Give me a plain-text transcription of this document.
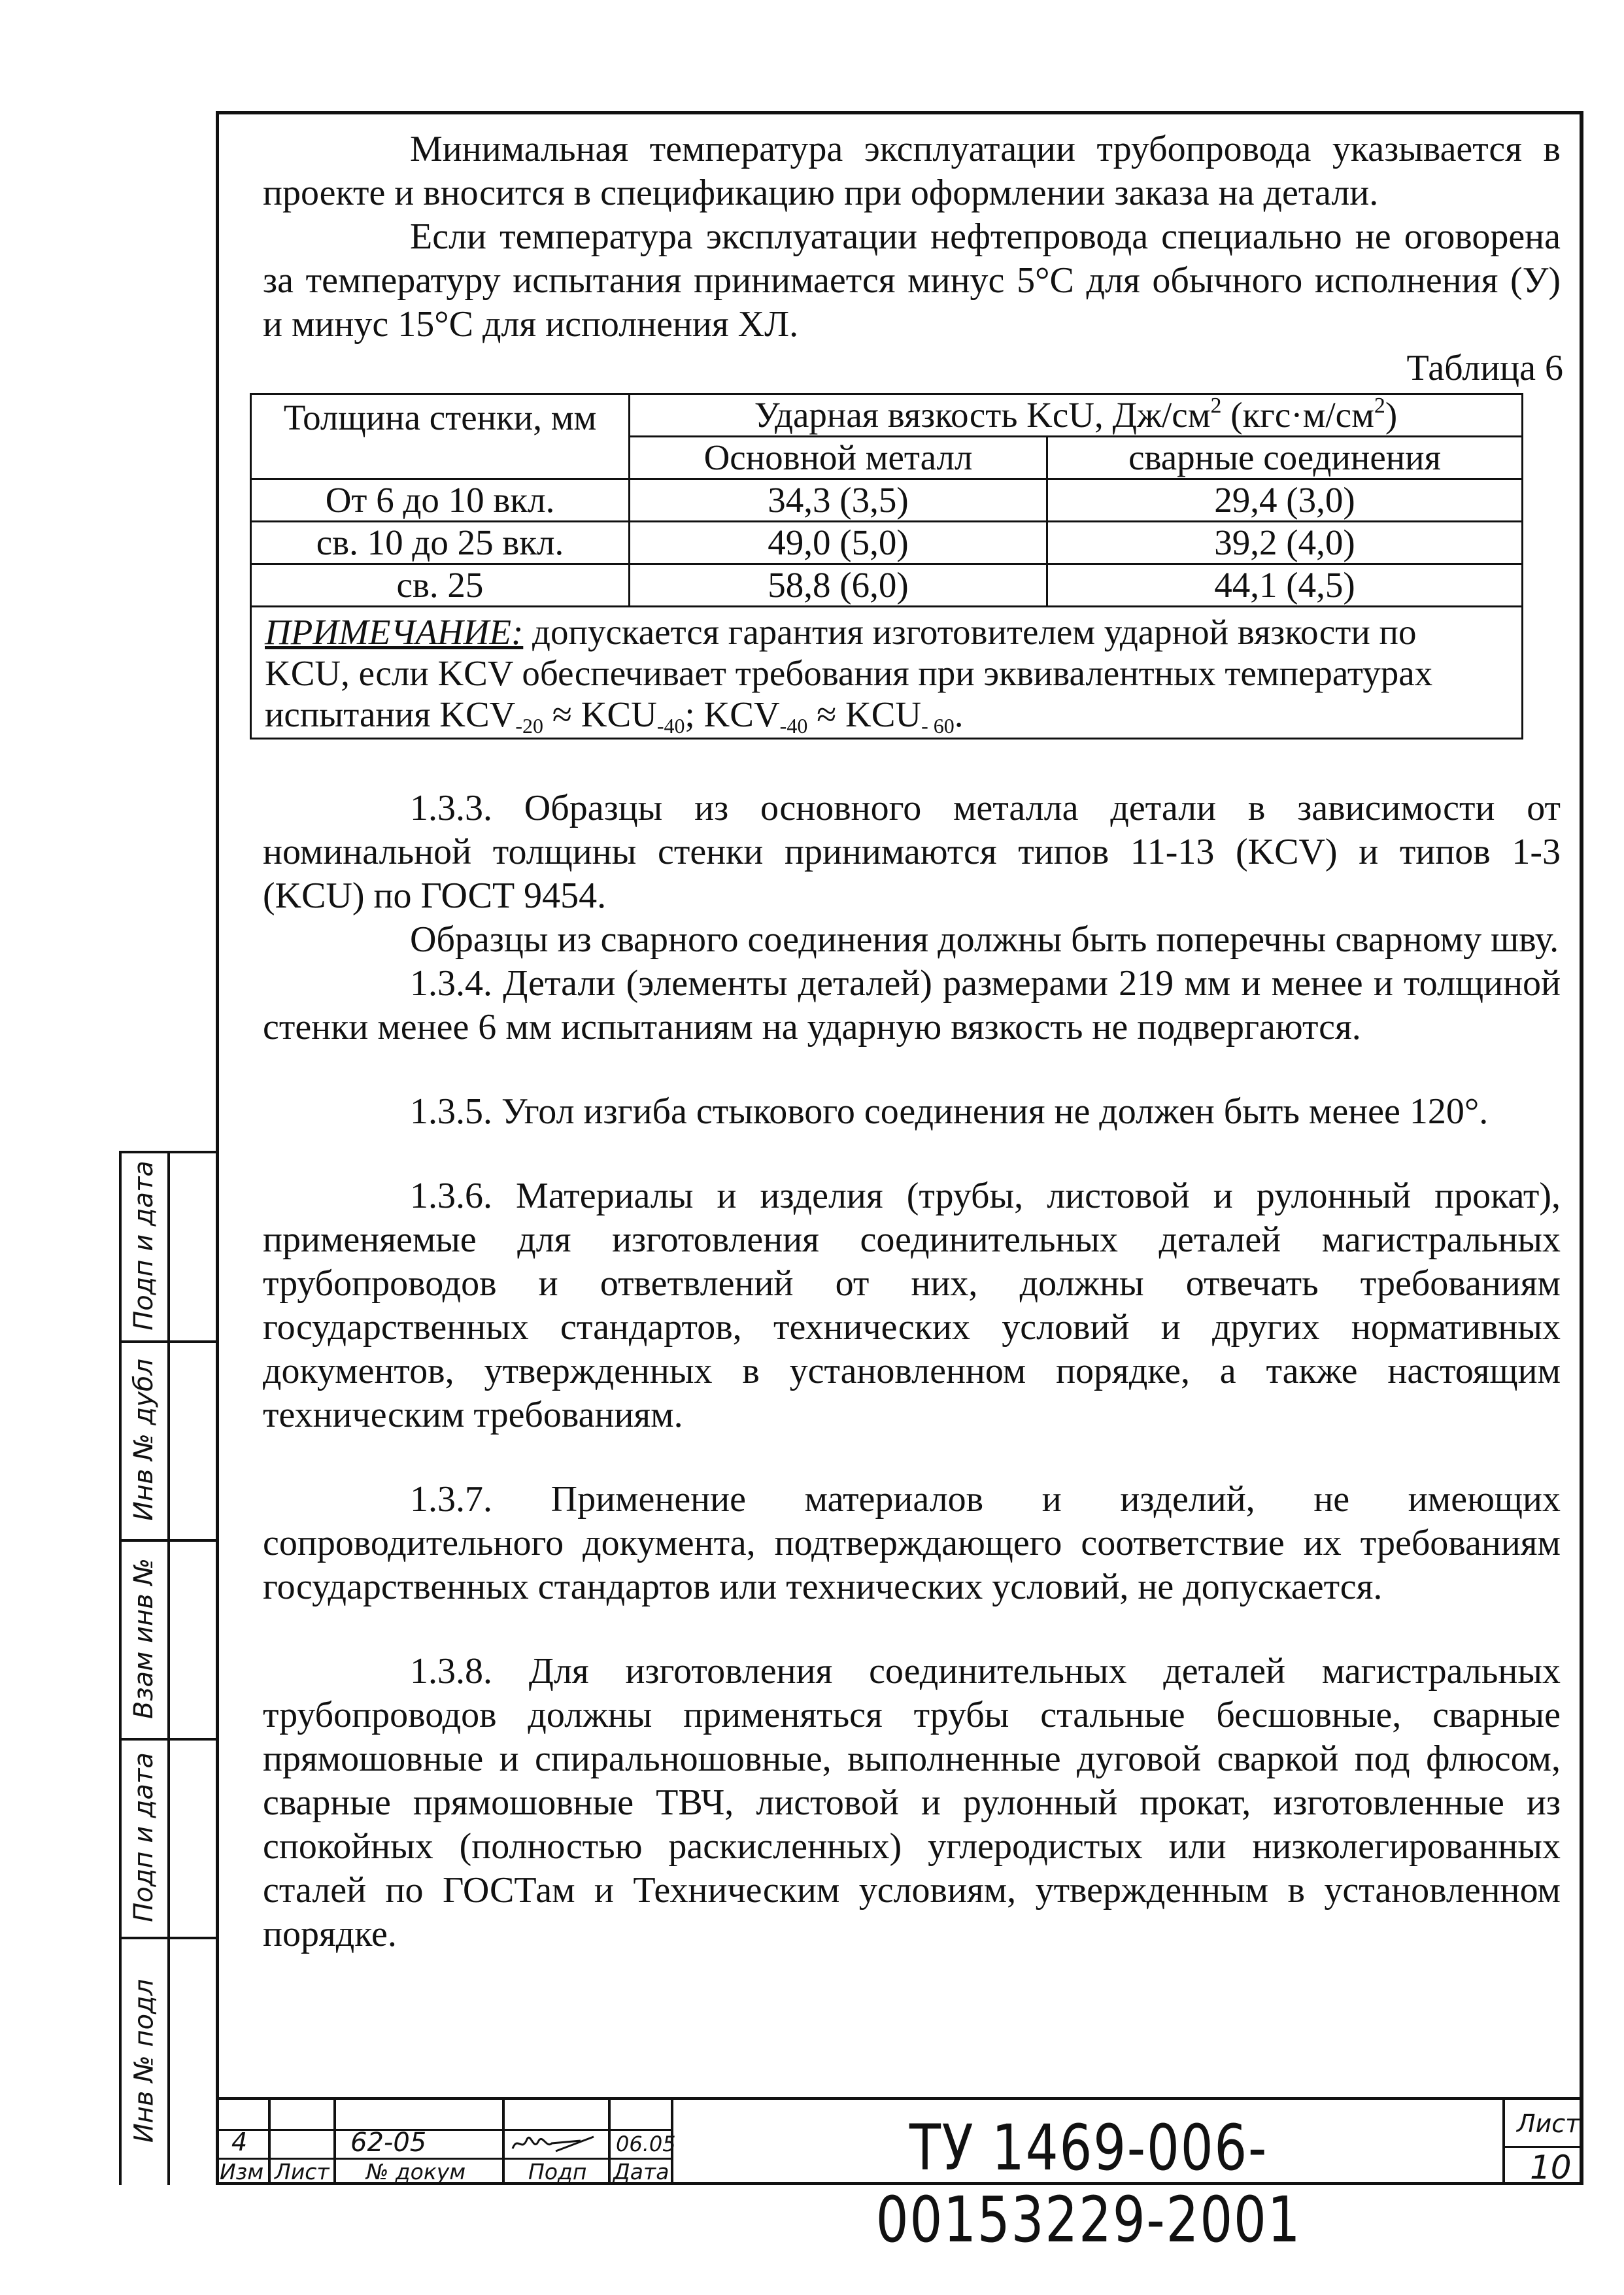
Минимальная температура эксплуатации трубопровода указывается в проекте и вносится в спецификацию при оформлении заказа на детали.

Если температура эксплуатации нефтепровода специально не оговорена за температуру испытания принимается минус 5°С для обычного исполнения (У) и минус 15°С для исполнения ХЛ.

Таблица 6

Толщина стенки, мм	Ударная вязкость KcU, $Дж/см^2$ $(кгс\cdot м/см^2)$	
	Основной металл	сварные соединения
От 6 до 10 вкл.	34,3 (3,5)	29,4 (3,0)
св. 10 до 25 вкл.	49,0 (5,0)	39,2 (4,0)
св. 25	58,8 (6,0)	44,1 (4,5)
ПРИМЕЧАНИЕ: допускается гарантия изготовителем ударной вязкости по KCU, если KCV обеспечивает требования при эквивалентных температурах испытания $KCV_{-20} \approx KCU_{-40}$; $KCV_{-40} \approx KCU_{- 60}$.		

1.3.3. Образцы из основного металла детали в зависимости от номинальной толщины стенки принимаются типов 11-13 (KCV) и типов 1-3 (KCU) по ГОСТ 9454.

Образцы из сварного соединения должны быть поперечны сварному шву.

1.3.4. Детали (элементы деталей) размерами 219 мм и менее и толщиной стенки менее 6 мм испытаниям на ударную вязкость не подвергаются.

1.3.5. Угол изгиба стыкового соединения не должен быть менее 120°.

1.3.6. Материалы и изделия (трубы, листовой и рулонный прокат), применяемые для изготовления соединительных деталей магистральных трубопроводов и ответвлений от них, должны отвечать требованиям государственных стандартов, технических условий и других нормативных документов, утвержденных в установленном порядке, а также настоящим техническим требованиям.

1.3.7. Применение материалов и изделий, не имеющих сопроводительного документа, подтверждающего соответствие их требованиям государственных стандартов или технических условий, не допускается.

1.3.8. Для изготовления соединительных деталей магистральных трубопроводов должны применяться трубы стальные бесшовные, сварные прямошовные и спиральношовные, выполненные дуговой сваркой под флюсом, сварные прямошовные ТВЧ, листовой и рулонный прокат, изготовленные из спокойных (полностью раскисленных) углеродистых или низколегированных сталей по ГОСТам и Техническим условиям, утвержденным в установленном порядке.

Подп и дата
Инв № дубл
Взам инв №
Подп и дата
Инв № подл	4	62-05	06.05
Изм Лист № докум	Подп Дата	ТУ 1469-006-00153229-2001
Лист
10
